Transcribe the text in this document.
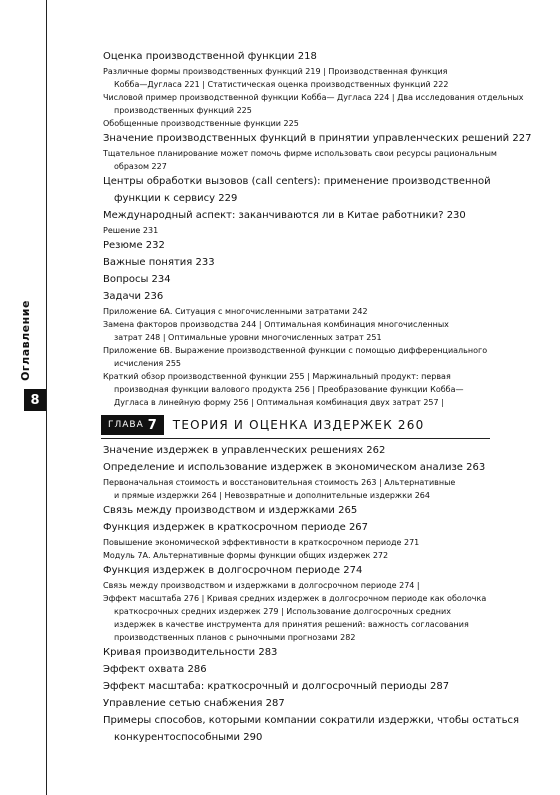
Оглавление
8
Оценка производственной функции 218
Различные формы производственных функций 219 | Производственная функция
Кобба—Дугласа 221 | Статистическая оценка производственных функций 222
Числовой пример производственной функции Кобба— Дугласа 224 | Два исследования отдельных
производственных функций 225
Обобщенные производственные функции 225
Значение производственных функций в принятии управленческих решений 227
Тщательное планирование может помочь фирме использовать свои ресурсы рациональным
образом 227
Центры обработки вызовов (call centers): применение производственной
функции к сервису 229
Международный аспект: заканчиваются ли в Китае работники? 230
Решение 231
Резюме 232
Важные понятия 233
Вопросы 234
Задачи 236
Приложение 6А. Ситуация с многочисленными затратами 242
Замена факторов производства 244 | Оптимальная комбинация многочисленных
затрат 248 | Оптимальные уровни многочисленных затрат 251
Приложение 6В. Выражение производственной функции с помощью дифференциального
исчисления 255
Краткий обзор производственной функции 255 | Маржинальный продукт: первая
производная функции валового продукта 256 | Преобразование функции Кобба—
Дугласа в линейную форму 256 | Оптимальная комбинация двух затрат 257 |
ГЛАВА 7 ТЕОРИЯ И ОЦЕНКА ИЗДЕРЖЕК 260
Значение издержек в управленческих решениях 262
Определение и использование издержек в экономическом анализе 263
Первоначальная стоимость и восстановительная стоимость 263 | Альтернативные
и прямые издержки 264 | Невозвратные и дополнительные издержки 264
Связь между производством и издержками 265
Функция издержек в краткосрочном периоде 267
Повышение экономической эффективности в краткосрочном периоде 271
Модуль 7А. Альтернативные формы функции общих издержек 272
Функция издержек в долгосрочном периоде 274
Связь между производством и издержками в долгосрочном периоде 274 |
Эффект масштаба 276 | Кривая средних издержек в долгосрочном периоде как оболочка
краткосрочных средних издержек 279 | Использование долгосрочных средних
издержек в качестве инструмента для принятия решений: важность согласования
производственных планов с рыночными прогнозами 282
Кривая производительности 283
Эффект охвата 286
Эффект масштаба: краткосрочный и долгосрочный периоды 287
Управление сетью снабжения 287
Примеры способов, которыми компании сократили издержки, чтобы остаться
конкурентоспособными 290
